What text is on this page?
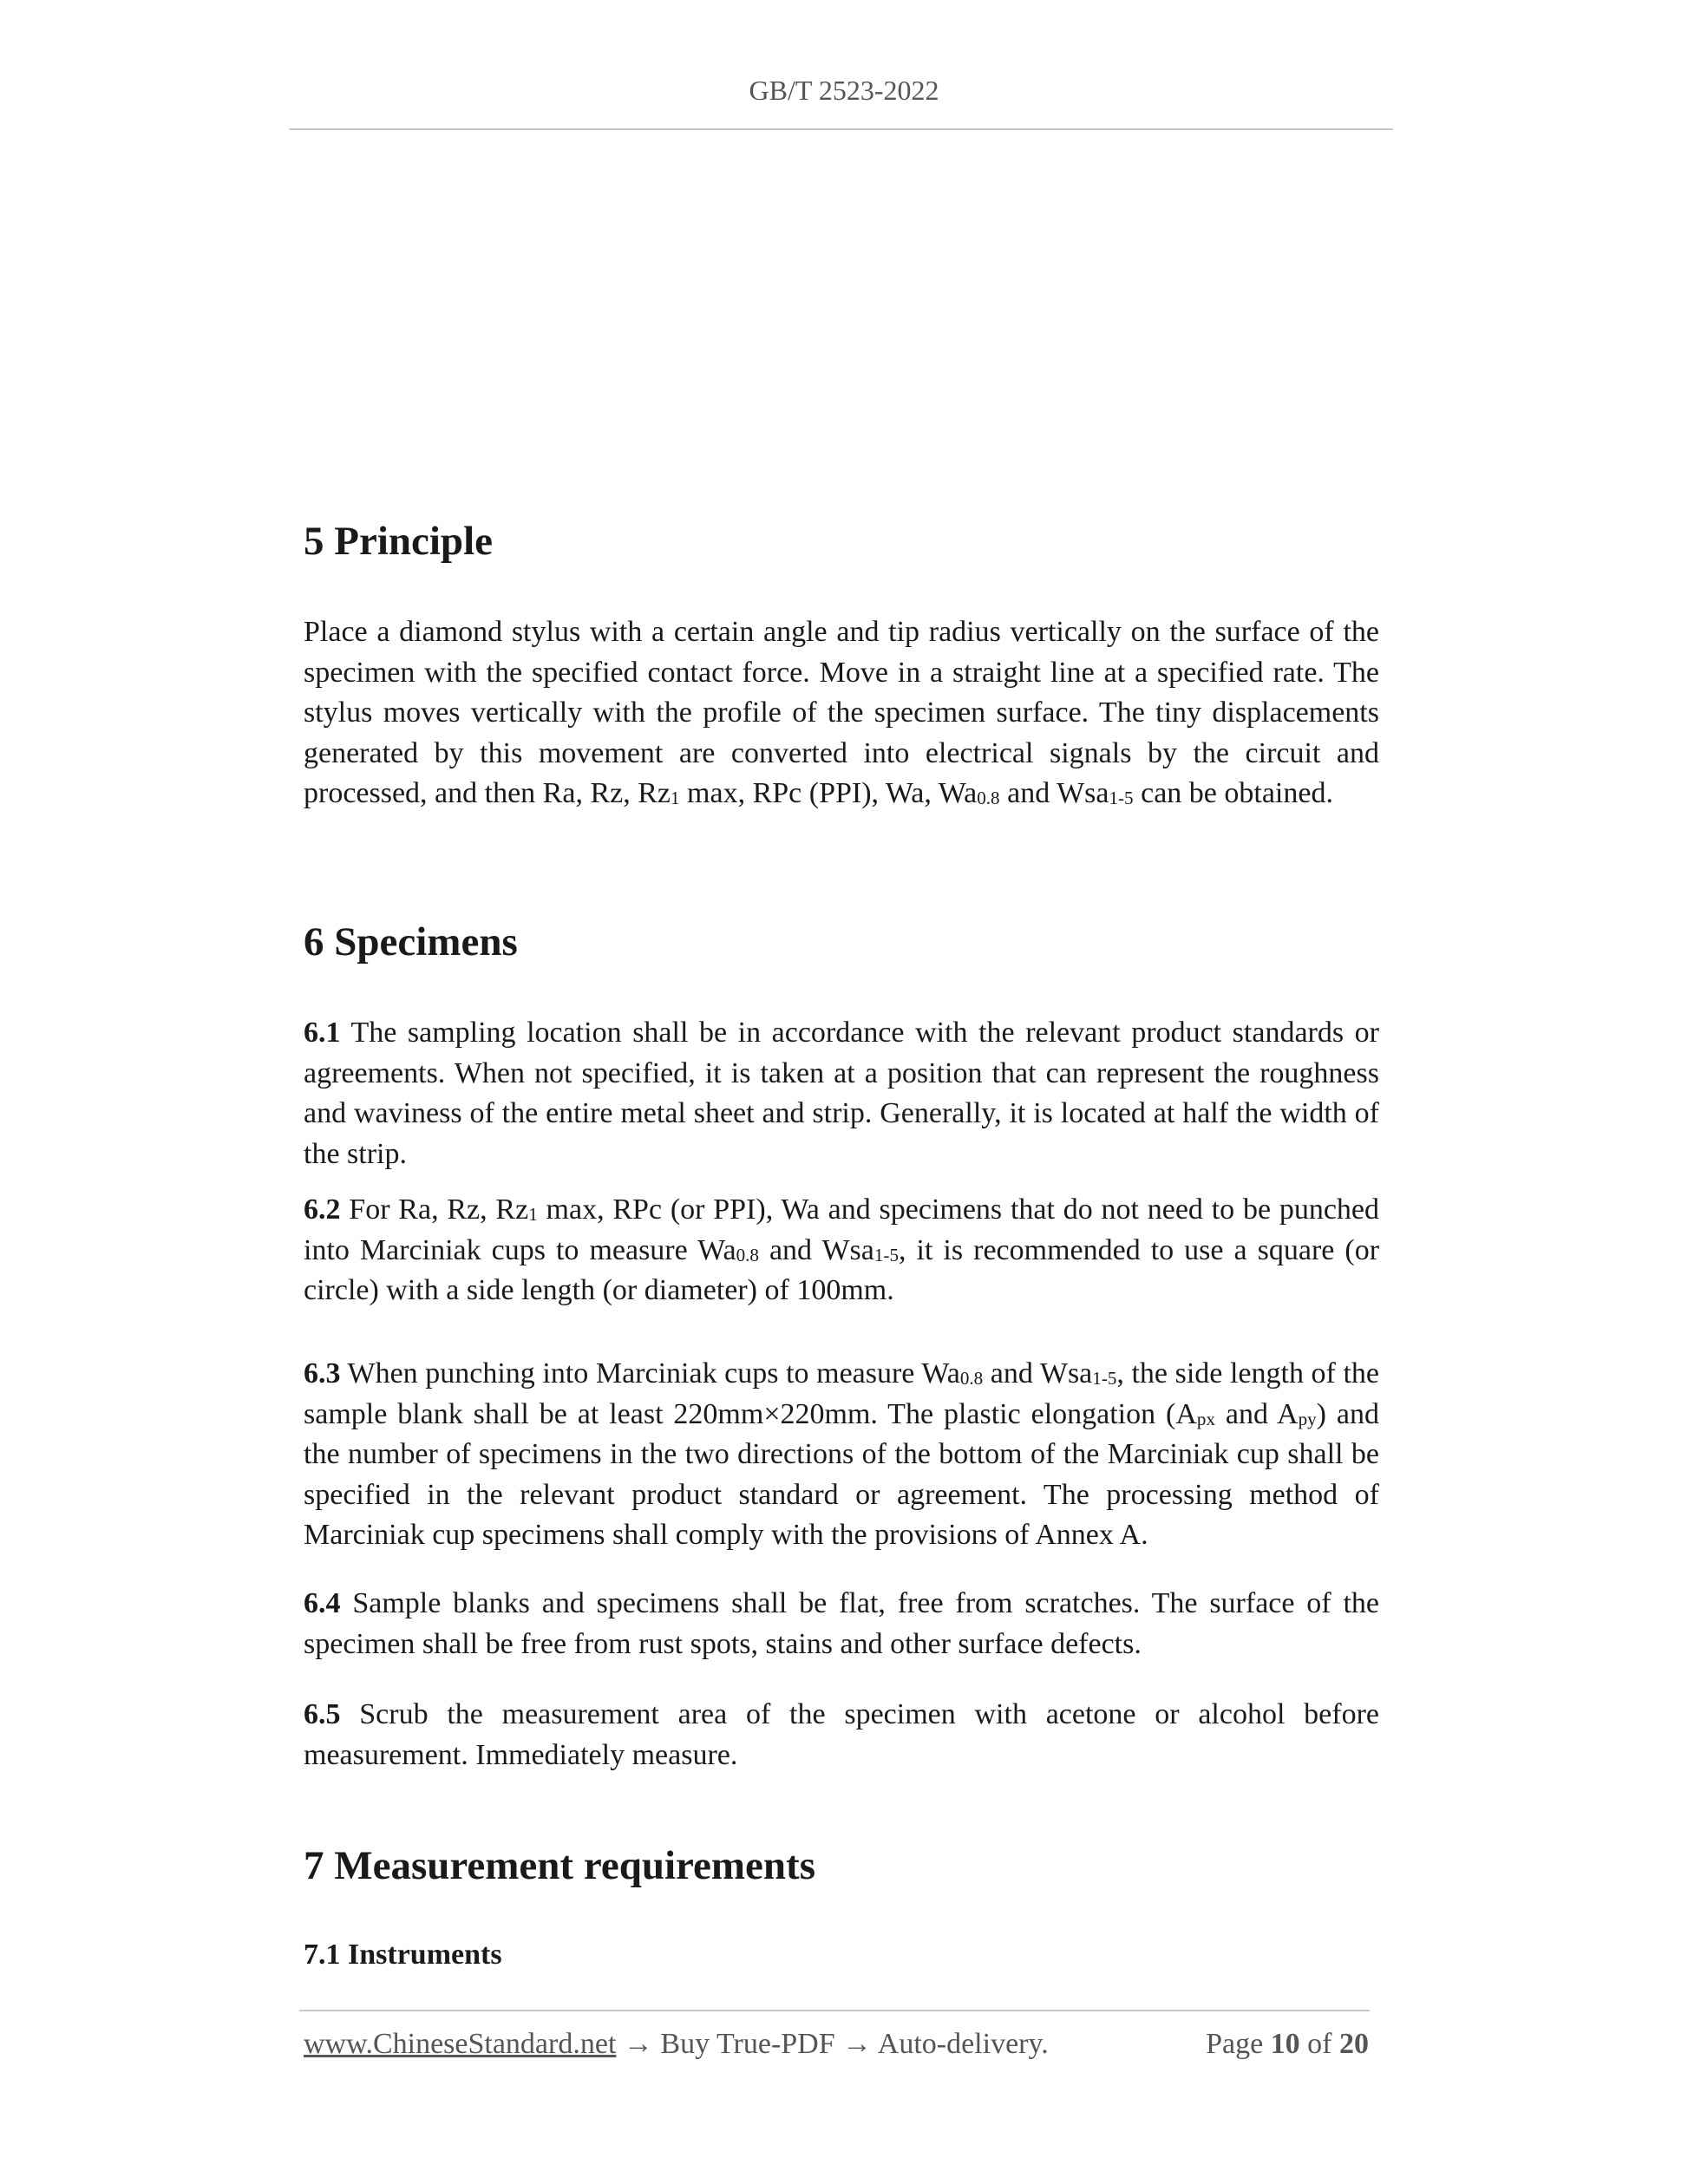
GB/T 2523-2022
5 Principle

Place a diamond stylus with a certain angle and tip radius vertically on the surface of the specimen with the specified contact force. Move in a straight line at a specified rate. The stylus moves vertically with the profile of the specimen surface. The tiny displacements generated by this movement are converted into electrical signals by the circuit and processed, and then Ra, Rz, $Rz_1$ max, RPc (PPI), Wa, $Wa_{0.8}$ and Wsa$_{1-5}$ can be obtained.

6 Specimens

6.1 The sampling location shall be in accordance with the relevant product standards or agreements. When not specified, it is taken at a position that can represent the roughness and waviness of the entire metal sheet and strip. Generally, it is located at half the width of the strip.

6.2 For Ra, Rz, $Rz_1$ max, RPc (or PPI), Wa and specimens that do not need to be punched into Marciniak cups to measure $Wa_{0.8}$ and Wsa$_{1-5}$, it is recommended to use a square (or circle) with a side length (or diameter) of 100mm.

6.3 When punching into Marciniak cups to measure $Wa_{0.8}$ and Wsa$_{1-5}$, the side length of the sample blank shall be at least 220mm×220mm. The plastic elongation ($A_{px}$ and $A_{py}$) and the number of specimens in the two directions of the bottom of the Marciniak cup shall be specified in the relevant product standard or agreement. The processing method of Marciniak cup specimens shall comply with the provisions of Annex A.

6.4 Sample blanks and specimens shall be flat, free from scratches. The surface of the specimen shall be free from rust spots, stains and other surface defects.

6.5 Scrub the measurement area of the specimen with acetone or alcohol before measurement. Immediately measure.

7 Measurement requirements
7.1 Instruments
www.ChineseStandard.net → Buy True-PDF → Auto-delivery.	Page 10 of 20
